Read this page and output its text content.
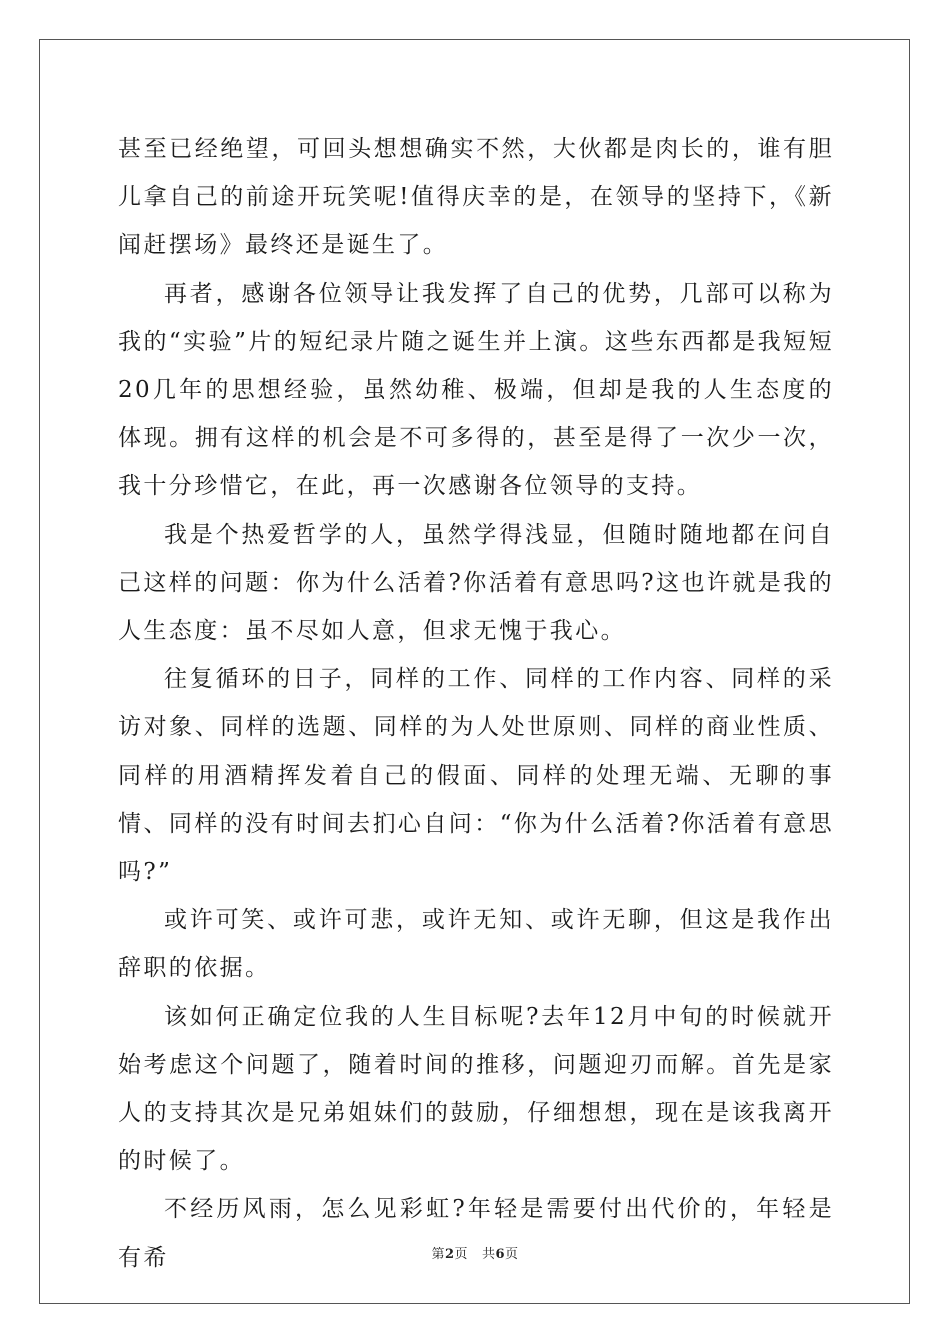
甚至已经绝望，可回头想想确实不然，大伙都是肉长的，谁有胆儿拿自己的前途开玩笑呢!值得庆幸的是，在领导的坚持下，《新闻赶摆场》最终还是诞生了。

再者，感谢各位领导让我发挥了自己的优势，几部可以称为我的“实验”片的短纪录片随之诞生并上演。这些东西都是我短短20几年的思想经验，虽然幼稚、极端，但却是我的人生态度的体现。拥有这样的机会是不可多得的，甚至是得了一次少一次，我十分珍惜它，在此，再一次感谢各位领导的支持。

我是个热爱哲学的人，虽然学得浅显，但随时随地都在问自己这样的问题：你为什么活着?你活着有意思吗?这也许就是我的人生态度：虽不尽如人意，但求无愧于我心。

往复循环的日子，同样的工作、同样的工作内容、同样的采访对象、同样的选题、同样的为人处世原则、同样的商业性质、同样的用酒精挥发着自己的假面、同样的处理无端、无聊的事情、同样的没有时间去扪心自问：“你为什么活着?你活着有意思吗?”

或许可笑、或许可悲，或许无知、或许无聊，但这是我作出辞职的依据。

该如何正确定位我的人生目标呢?去年12月中旬的时候就开始考虑这个问题了，随着时间的推移，问题迎刃而解。首先是家人的支持其次是兄弟姐妹们的鼓励，仔细想想，现在是该我离开的时候了。

不经历风雨，怎么见彩虹?年轻是需要付出代价的，年轻是有希	第2页 共6页
